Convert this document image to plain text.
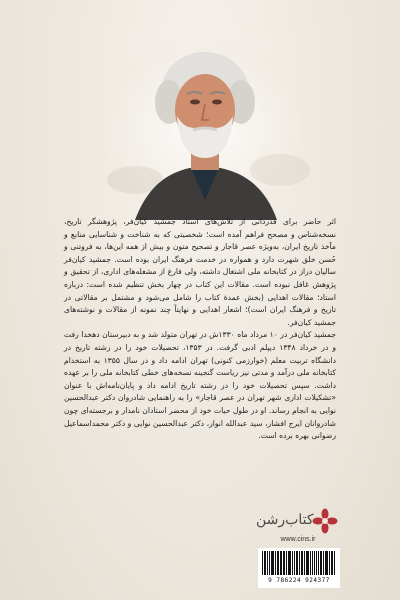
اثر حاضر برای قدردانی از تلاش‌های استاد جمشید کیان‌فر، پژوهشگر تاریخ، نسخه‌شناس و مصحح فراهم آمده است؛ شخصیتی که به شناخت و شناسایی منابع و مآخذ تاریخ ایران، به‌ویژه عصر قاجار و تصحیح متون و بیش از همه این‌ها، به فروتنی و حُسن خلق شهرت دارد و همواره در خدمت فرهنگ ایران بوده است. جمشید کیان‌فر سالیان دراز در کتابخانه ملی اشتغال داشته، ولی فارغ از مشغله‌های اداری، از تحقیق و پژوهش غافل نبوده است. مقالات این کتاب در چهار بخش تنظیم شده است: درباره استاد؛ مقالات اهدایی (بخش عمدهٔ کتاب را شامل می‌شود و مشتمل بر مقالاتی در تاریخ و فرهنگ ایران است)؛ اشعار اهدایی و نهایتاً چند نمونه از مقالات و نوشته‌های جمشید کیان‌فر.

جمشید کیان‌فر در ۱۰ مرداد ماه ۱۳۳۰ش در تهران متولد شد و به دبیرستان دهخدا رفت و در خرداد ۱۳۴۸ دیپلم ادبی گرفت. در ۱۳۵۳، تحصیلات خود را در رشته تاریخ در دانشگاه تربیت معلم (خوارزمی کنونی) تهران ادامه داد و در سال ۱۳۵۵ به استخدام کتابخانه ملی درآمد و مدتی نیز ریاست گنجینه نسخه‌های خطی کتابخانه ملی را بر عهده داشت. سپس تحصیلات خود را در رشته تاریخ ادامه داد و پایان‌نامه‌اش با عنوان «تشکیلات اداری شهر تهران در عصر قاجار» را به راهنمایی شادروان دکتر عبدالحسین نوایی به انجام رساند. او در طول حیات خود از محضر استادان نامدار و برجسته‌ای چون شادروانان ایرج افشار، سید عبدالله انوار، دکتر عبدالحسین نوایی و دکتر محمداسماعیل رضوانی بهره برده است.

کتاب‌رشن
www.cins.ir
9 786224 924377
